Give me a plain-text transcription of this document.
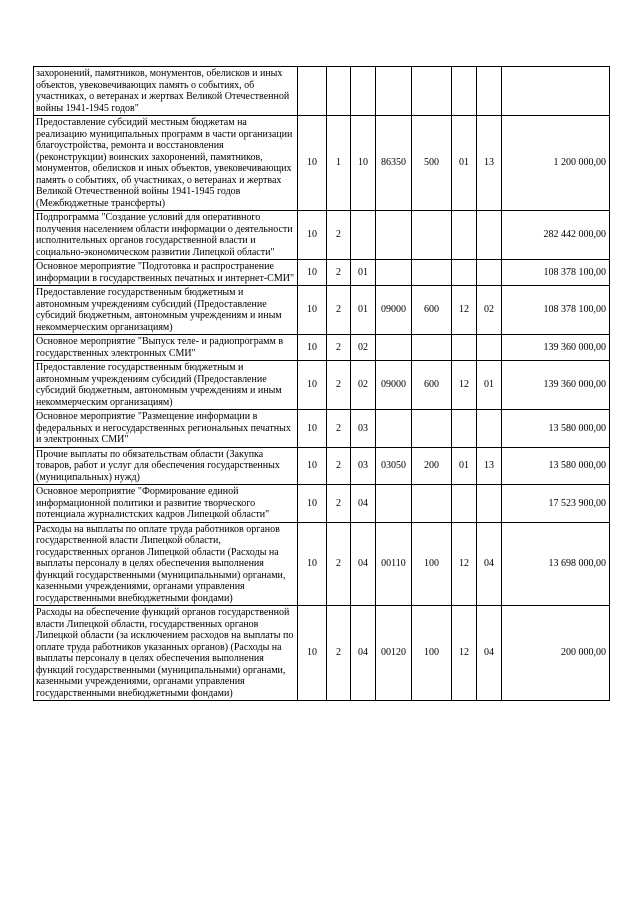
захоронений, памятников, монументов, обелисков и иных объектов, увековечивающих память о событиях, об участниках, о ветеранах и жертвах Великой Отечественной войны 1941-1945 годов"								
Предоставление субсидий местным бюджетам на реализацию муниципальных программ в части организации благоустройства, ремонта и восстановления (реконструкции) воинских захоронений, памятников, монументов, обелисков и иных объектов, увековечивающих память о событиях, об участниках, о ветеранах и жертвах Великой Отечественной войны 1941-1945 годов (Межбюджетные трансферты)	10	1	10	86350	500	01	13	1 200 000,00
Подпрограмма "Создание условий для оперативного получения населением области информации о деятельности исполнительных органов государственной власти и социально-экономическом развитии Липецкой области"	10	2						282 442 000,00
Основное мероприятие "Подготовка и распространение информации в государственных печатных и интернет-СМИ"	10	2	01					108 378 100,00
Предоставление государственным бюджетным и автономным учреждениям субсидий (Предоставление субсидий бюджетным, автономным учреждениям и иным некоммерческим организациям)	10	2	01	09000	600	12	02	108 378 100,00
Основное мероприятие "Выпуск теле- и радиопрограмм в государственных электронных СМИ"	10	2	02					139 360 000,00
Предоставление государственным бюджетным и автономным учреждениям субсидий (Предоставление субсидий бюджетным, автономным учреждениям и иным некоммерческим организациям)	10	2	02	09000	600	12	01	139 360 000,00
Основное мероприятие "Размещение информации в федеральных и негосударственных региональных печатных и электронных СМИ"	10	2	03					13 580 000,00
Прочие выплаты по обязательствам области (Закупка товаров, работ и услуг для обеспечения государственных (муниципальных) нужд)	10	2	03	03050	200	01	13	13 580 000,00
Основное мероприятие "Формирование единой информационной политики и развитие творческого потенциала журналистских кадров Липецкой области"	10	2	04					17 523 900,00
Расходы на выплаты по оплате труда работников органов государственной власти Липецкой области, государственных органов Липецкой области (Расходы на выплаты персоналу в целях обеспечения выполнения функций государственными (муниципальными) органами, казенными учреждениями, органами управления государственными внебюджетными фондами)	10	2	04	00110	100	12	04	13 698 000,00
Расходы на обеспечение функций органов государственной власти Липецкой области, государственных органов Липецкой области (за исключением расходов на выплаты по оплате труда работников указанных органов) (Расходы на выплаты персоналу в целях обеспечения выполнения функций государственными (муниципальными) органами, казенными учреждениями, органами управления государственными внебюджетными фондами)	10	2	04	00120	100	12	04	200 000,00
